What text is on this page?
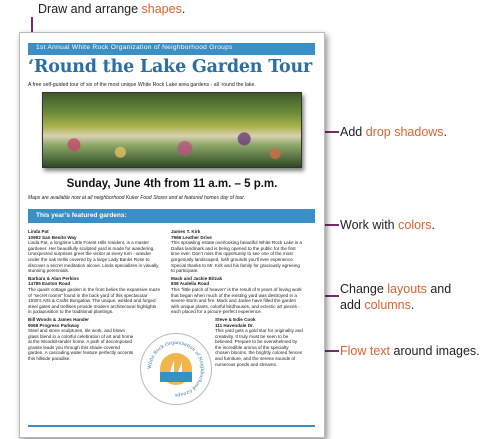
Draw and arrange shapes.
Add drop shadows.
Work with colors.
Change layouts and
add columns.
Flow text around images.
1st Annual White Rock Organization of Neighborhood Groups
‘Round the Lake Garden Tour
A free self-guided tour of six of the most unique White Rock Lake area gardens - all ‘round the lake.
Sunday, June 4th from 11 a.m. – 5 p.m.
Maps are available now at all neighborhood Kuker Food Stores and at featured homes day of tour.
This year’s featured gardens:
Linda Pat
10992 San Benito Way
Linda Pat, a longtime Little Forest Hills resident, is a master gardener. Her beautifully sculpted yard is made for wandering. Unexpected surprises greet the visitor at every turn - wander under the oak trellis covered by a large Lady Banks Rose to discover a secret meditation alcove. Linda specializes in visually stunning perennials.
Barbara & Alan Perkins
14785 Easton Road
The quaint cottage garden in the front belies the expansive maze of “secret rooms” found in the back yard of this spectacular 1930’s Arts & Crafts Bungalow. The unique, welded and forged steel gates and trellises provide modern architectural highlights in juxtaposition to the traditional plantings.
Bill Woods & James Hander
9068 Progress Parkway
Steel and stone sculptures, tile work, and blown glass blend in a colorful celebration of art and home at the Woods/Hander home. A path of decomposed granite leads you through this shade-covered garden. A cascading water feature perfectly accents this hillside paradise.
James T. Kirk
7966 Leather Drive
This sprawling estate overlooking beautiful White Rock Lake is a Dallas landmark and is being opened to the public for the first time ever. Don’t miss this opportunity to see one of the most gorgeously landscaped, lush grounds you’ll ever experience. Special thanks to Mr. Kirk and his family for graciously agreeing to participate.
Mack and Jackie Bitzak
838 Audelia Road
This “little patch of heaven” is the result of 8 years of loving work that began when much of the existing yard was destroyed in a severe storm and fire. Mack and Jackie have filled the garden with unique plants, colorful birdhouses, and eclectic art pieces - each placed for a picture-perfect experience.
Steve & Edie Cook
111 Havendale Dr.
This yard gets a gold star for originality and creativity. It truly must be seen to be believed. Prepare to be overwhelmed by the incredible aroma of the specialty chosen blooms, the brightly colored fences and furniture, and the serene sounds of numerous ponds and streams.
White Rock Organization of Neighborhood Groups
